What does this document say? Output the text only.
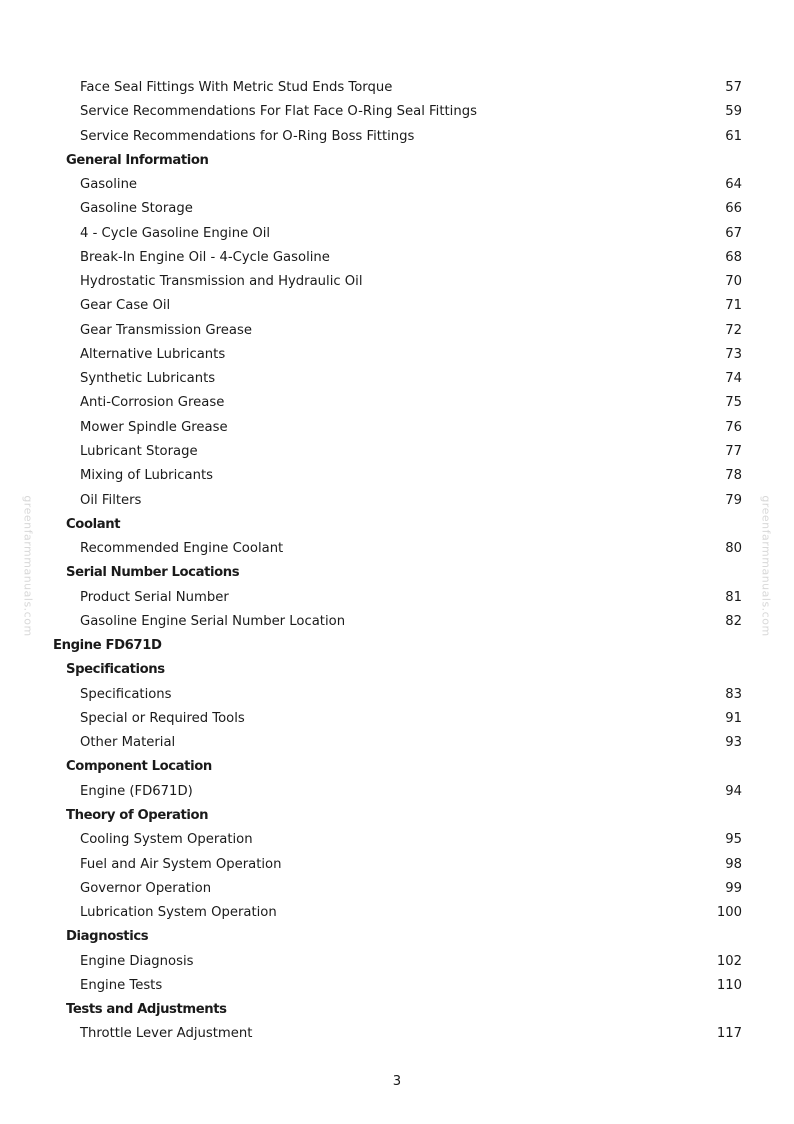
Face Seal Fittings With Metric Stud Ends Torque	57
Service Recommendations For Flat Face O-Ring Seal Fittings	59
Service Recommendations for O-Ring Boss Fittings	61
General Information
Gasoline	64
Gasoline Storage	66
4 - Cycle Gasoline Engine Oil	67
Break-In Engine Oil - 4-Cycle Gasoline	68
Hydrostatic Transmission and Hydraulic Oil	70
Gear Case Oil	71
Gear Transmission Grease	72
Alternative Lubricants	73
Synthetic Lubricants	74
Anti-Corrosion Grease	75
Mower Spindle Grease	76
Lubricant Storage	77
Mixing of Lubricants	78
Oil Filters	79
Coolant
Recommended Engine Coolant	80
Serial Number Locations
Product Serial Number	81
Gasoline Engine Serial Number Location	82
Engine FD671D
Specifications
Specifications	83
Special or Required Tools	91
Other Material	93
Component Location
Engine (FD671D)	94
Theory of Operation
Cooling System Operation	95
Fuel and Air System Operation	98
Governor Operation	99
Lubrication System Operation	100
Diagnostics
Engine Diagnosis	102
Engine Tests	110
Tests and Adjustments
Throttle Lever Adjustment	117
greenfarmmanuals.com	greenfarmmanuals.com
3
